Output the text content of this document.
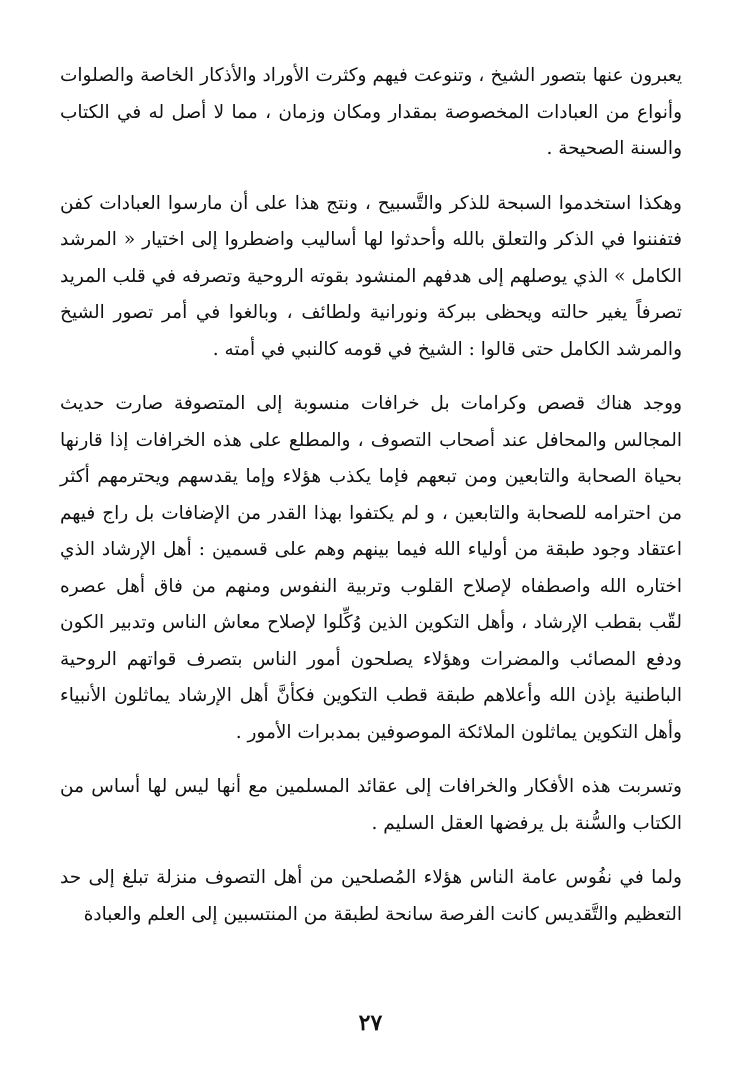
يعبرون عنها بتصور الشيخ ، وتنوعت فيهم وكثرت الأوراد والأذكار الخاصة والصلوات وأنواع من العبادات المخصوصة بمقدار ومكان وزمان ، مما لا أصل له في الكتاب والسنة الصحيحة .

وهكذا استخدموا السبحة للذكر والتَّسبيح ، ونتج هذا على أن مارسوا العبادات كفن فتفننوا في الذكر والتعلق بالله وأحدثوا لها أساليب واضطروا إلى اختيار « المرشد الكامل » الذي يوصلهم إلى هدفهم المنشود بقوته الروحية وتصرفه في قلب المريد تصرفاً يغير حالته ويحظى ببركة ونورانية ولطائف ، وبالغوا في أمر تصور الشيخ والمرشد الكامل حتى قالوا : الشيخ في قومه كالنبي في أمته .

ووجد هناك قصص وكرامات بل خرافات منسوبة إلى المتصوفة صارت حديث المجالس والمحافل عند أصحاب التصوف ، والمطلع على هذه الخرافات إذا قارنها بحياة الصحابة والتابعين ومن تبعهم فإما يكذب هؤلاء وإما يقدسهم ويحترمهم أكثر من احترامه للصحابة والتابعين ، و لم يكتفوا بهذا القدر من الإضافات بل راج فيهم اعتقاد وجود طبقة من أولياء الله فيما بينهم وهم على قسمين : أهل الإرشاد الذي اختاره الله واصطفاه لإصلاح القلوب وتربية النفوس ومنهم من فاق أهل عصره لقّب بقطب الإرشاد ، وأهل التكوين الذين وُكِّلوا لإصلاح معاش الناس وتدبير الكون ودفع المصائب والمضرات وهؤلاء يصلحون أمور الناس بتصرف قواتهم الروحية الباطنية بإذن الله وأعلاهم طبقة قطب التكوين فكأنَّ أهل الإرشاد يماثلون الأنبياء وأهل التكوين يماثلون الملائكة الموصوفين بمدبرات الأمور .

وتسربت هذه الأفكار والخرافات إلى عقائد المسلمين مع أنها ليس لها أساس من الكتاب والسُّنة بل يرفضها العقل السليم .

ولما في نفُوس عامة الناس هؤلاء المُصلحين من أهل التصوف منزلة تبلغ إلى حد التعظيم والتَّقديس كانت الفرصة سانحة لطبقة من المنتسبين إلى العلم والعبادة

٢٧
